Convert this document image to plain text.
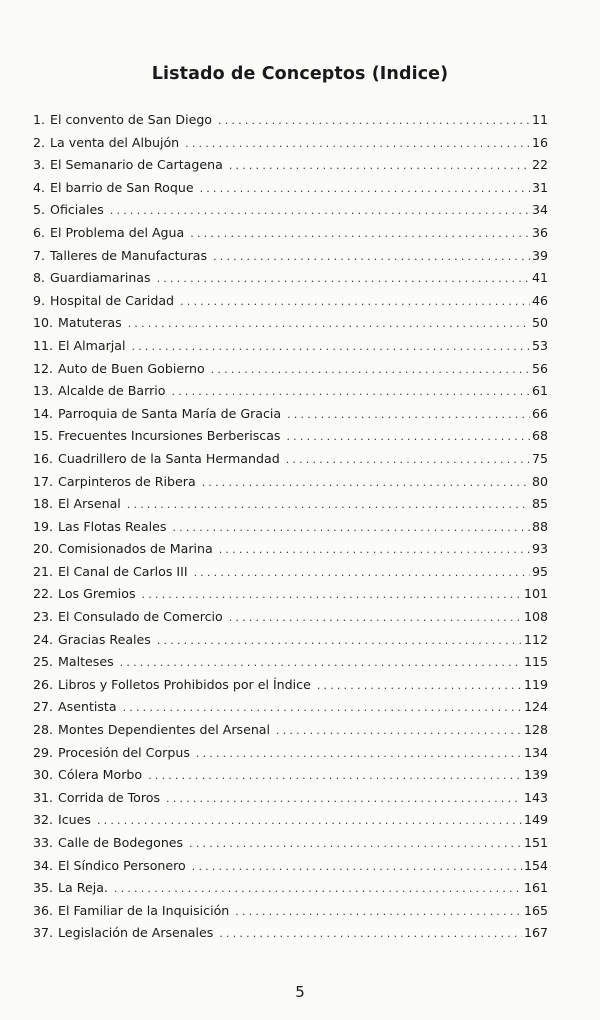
Listado de Conceptos (Indice)
1. El convento de San Diego .....	11
2. La venta del Albujón .....	16
3. El Semanario de Cartagena .....	22
4. El barrio de San Roque .....	31
5. Oficiales .....	34
6. El Problema del Agua .....	36
7. Talleres de Manufacturas .....	39
8. Guardiamarinas .....	41
9. Hospital de Caridad .....	46
10. Matuteras .....	50
11. El Almarjal .....	53
12. Auto de Buen Gobierno .....	56
13. Alcalde de Barrio .....	61
14. Parroquia de Santa María de Gracia .....	66
15. Frecuentes Incursiones Berberiscas .....	68
16. Cuadrillero de la Santa Hermandad .....	75
17. Carpinteros de Ribera .....	80
18. El Arsenal .....	85
19. Las Flotas Reales .....	88
20. Comisionados de Marina .....	93
21. El Canal de Carlos III .....	95
22. Los Gremios .....	101
23. El Consulado de Comercio .....	108
24. Gracias Reales .....	112
25. Malteses .....	115
26. Libros y Folletos Prohibidos por el Índice .....	119
27. Asentista .....	124
28. Montes Dependientes del Arsenal .....	128
29. Procesión del Corpus .....	134
30. Cólera Morbo .....	139
31. Corrida de Toros .....	143
32. Icues .....	149
33. Calle de Bodegones .....	151
34. El Síndico Personero .....	154
35. La Reja. .....	161
36. El Familiar de la Inquisición .....	165
37. Legislación de Arsenales .....	167
5
